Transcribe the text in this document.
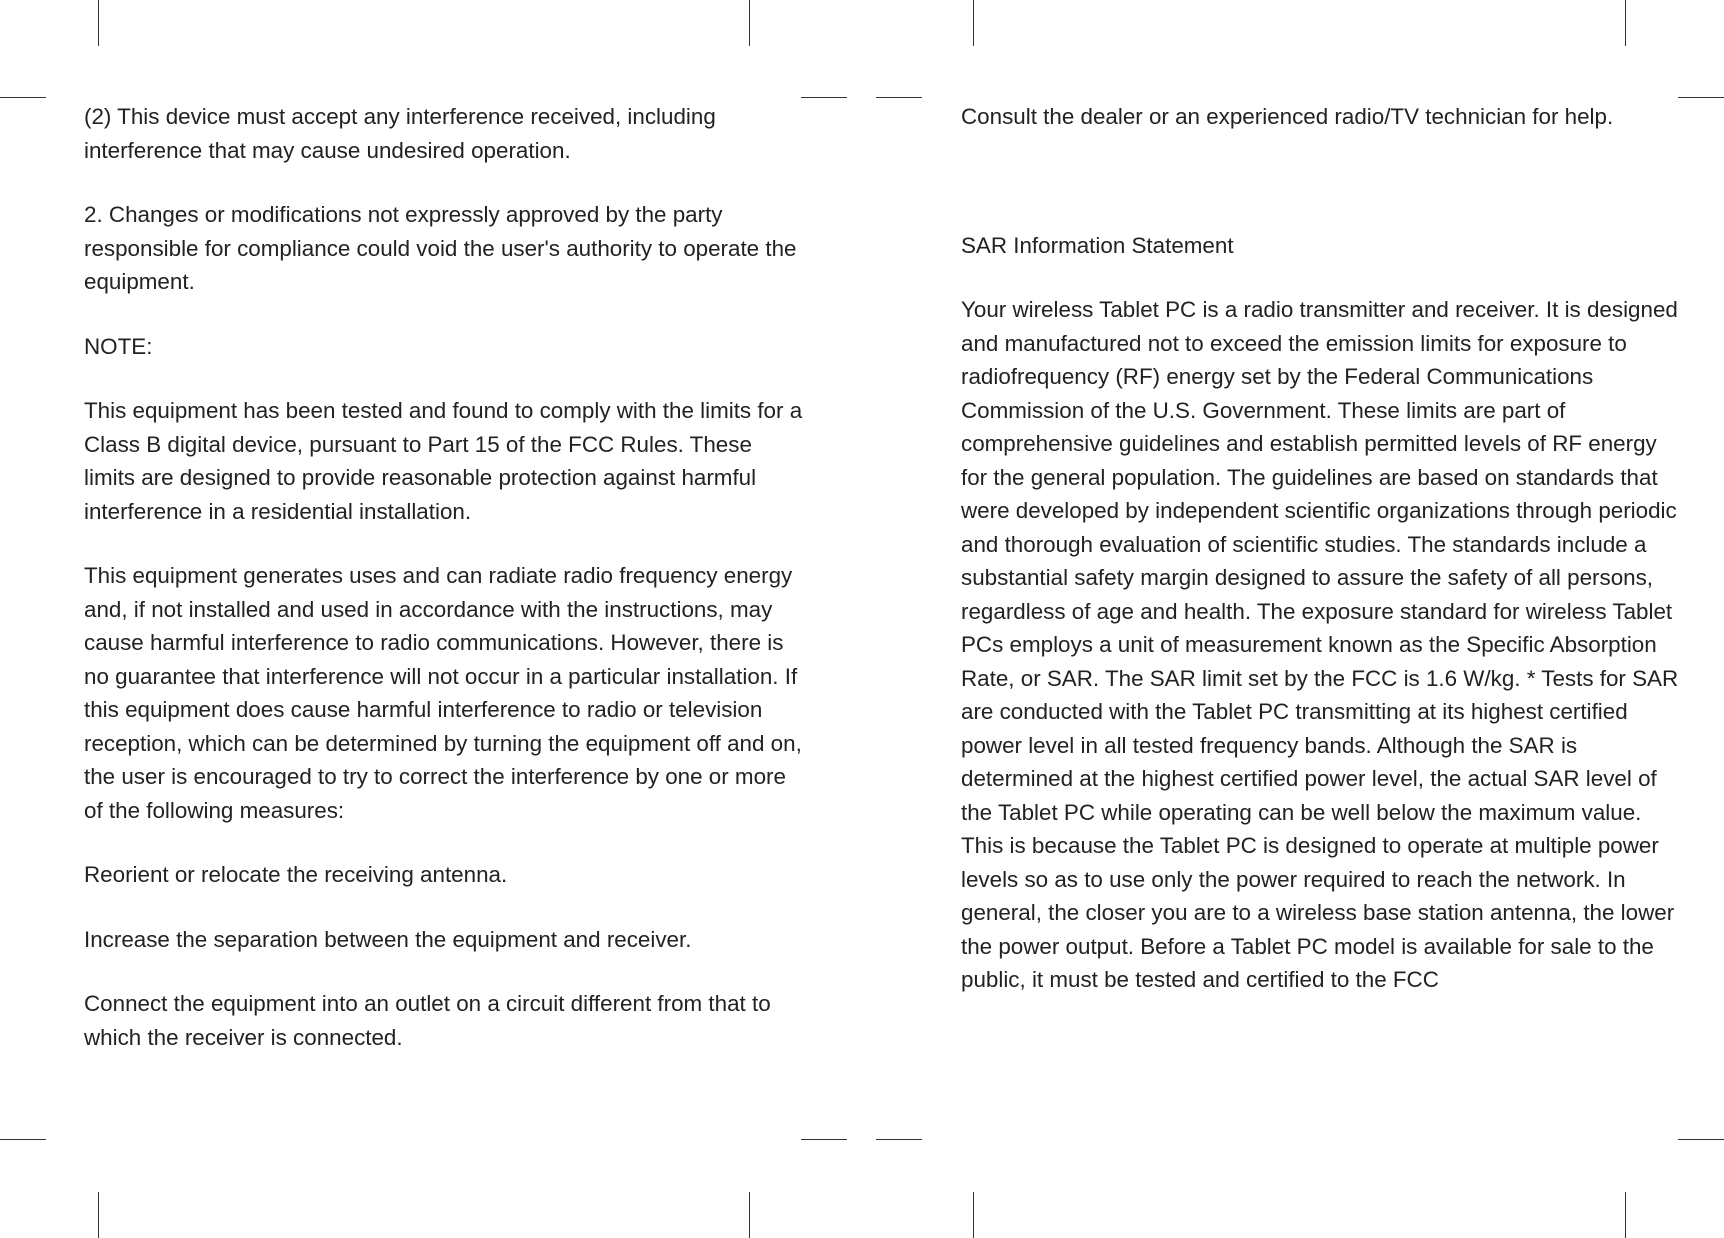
(2) This device must accept any interference received, including interference that may cause undesired operation.

2. Changes or modifications not expressly approved by the party responsible for compliance could void the user's authority to operate the equipment.

NOTE:

This equipment has been tested and found to comply with the limits for a Class B digital device, pursuant to Part 15 of the FCC Rules. These limits are designed to provide reasonable protection against harmful interference in a residential installation.

This equipment generates uses and can radiate radio frequency energy and, if not installed and used in accordance with the instructions, may cause harmful interference to radio communications. However, there is no guarantee that interference will not occur in a particular installation. If this equipment does cause harmful interference to radio or television reception, which can be determined by turning the equipment off and on, the user is encouraged to try to correct the interference by one or more of the following measures:

Reorient or relocate the receiving antenna.

Increase the separation between the equipment and receiver.

Connect the equipment into an outlet on a circuit different from that to which the receiver is connected.

Consult the dealer or an experienced radio/TV technician for help.

SAR Information Statement

Your wireless Tablet PC is a radio transmitter and receiver. It is designed and manufactured not to exceed the emission limits for exposure to radiofrequency (RF) energy set by the Federal Communications Commission of the U.S. Government. These limits are part of comprehensive guidelines and establish permitted levels of RF energy for the general population. The guidelines are based on standards that were developed by independent scientific organizations through periodic and thorough evaluation of scientific studies. The standards include a substantial safety margin designed to assure the safety of all persons, regardless of age and health. The exposure standard for wireless Tablet PCs employs a unit of measurement known as the Specific Absorption Rate, or SAR. The SAR limit set by the FCC is 1.6 W/kg. * Tests for SAR are conducted with the Tablet PC transmitting at its highest certified power level in all tested frequency bands. Although the SAR is determined at the highest certified power level, the actual SAR level of the Tablet PC while operating can be well below the maximum value. This is because the Tablet PC is designed to operate at multiple power levels so as to use only the power required to reach the network. In general, the closer you are to a wireless base station antenna, the lower the power output. Before a Tablet PC model is available for sale to the public, it must be tested and certified to the FCC
